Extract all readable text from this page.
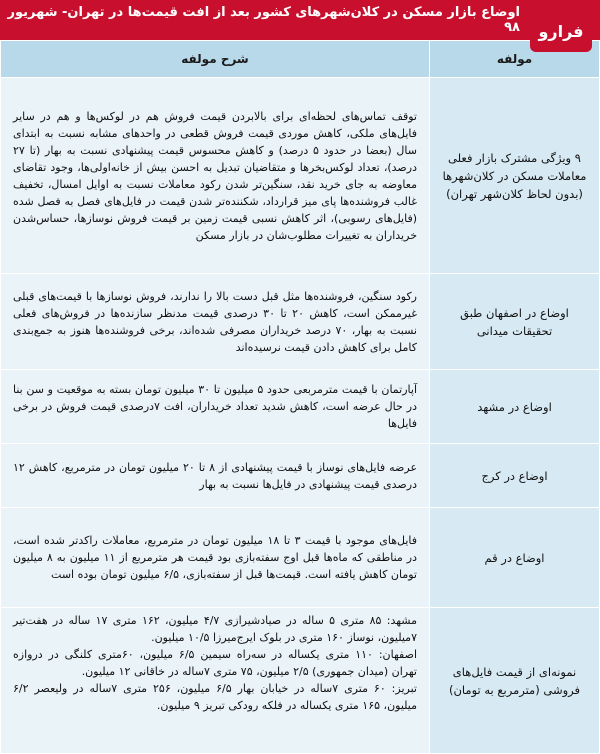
اوضاع بازار مسکن در کلان‌شهرهای کشور بعد از افت قیمت‌ها در تهران- شهریور ۹۸ فرارو
مولفه	شرح مولفه
۹ ویژگی مشترک بازار فعلی معاملات مسکن در کلان‌شهرها (بدون لحاظ کلان‌شهر تهران)	توقف تماس‌های لحظه‌ای برای بالابردن قیمت فروش هم در لوکس‌ها و هم در سایر فایل‌های ملکی، کاهش موردی قیمت فروش قطعی در واحدهای مشابه نسبت به ابتدای سال (بعضا در حدود ۵ درصد) و کاهش محسوس قیمت پیشنهادی نسبت به بهار (تا ۲۷ درصد)، تعداد لوکس‌بخرها و متقاضیان تبدیل به احسن بیش از خانه‌اولی‌ها، وجود تقاضای معاوضه به جای خرید نقد، سنگین‌تر شدن رکود معاملات نسبت به اوایل امسال، تخفیف غالب فروشنده‌ها پای میز قرارداد، شکننده‌تر شدن قیمت در فایل‌های فصل به فصل شده (فایل‌های رسوبی)، اثر کاهش نسبی قیمت زمین بر قیمت فروش نوسازها، حساس‌شدن خریداران به تغییرات مطلوب‌شان در بازار مسکن
اوضاع در اصفهان طبق تحقیقات میدانی	رکود سنگین، فروشنده‌ها مثل قبل دست بالا را ندارند، فروش نوسازها با قیمت‌های قبلی غیرممکن است، کاهش ۲۰ تا ۳۰ درصدی قیمت مدنظر سازنده‌ها در فروش‌های فعلی نسبت به بهار، ۷۰ درصد خریداران مصرفی شده‌اند، برخی فروشنده‌ها هنوز به جمع‌بندی کامل برای کاهش دادن قیمت نرسیده‌اند
اوضاع در مشهد	آپارتمان با قیمت مترمربعی حدود ۵ میلیون تا ۳۰ میلیون تومان بسته به موقعیت و سن بنا در حال عرضه است، کاهش شدید تعداد خریداران، افت ۷درصدی قیمت فروش در برخی فایل‌ها
اوضاع در کرج	عرضه فایل‌های نوساز با قیمت پیشنهادی از ۸ تا ۲۰ میلیون تومان در مترمربع، کاهش ۱۲ درصدی قیمت پیشنهادی در فایل‌ها نسبت به بهار
اوضاع در قم	فایل‌های موجود با قیمت ۳ تا ۱۸ میلیون تومان در مترمربع، معاملات راکدتر شده است، در مناطقی که ماه‌ها قبل اوج سفته‌بازی بود قیمت هر مترمربع از ۱۱ میلیون به ۸ میلیون تومان کاهش یافته است. قیمت‌ها قبل از سفته‌بازی، ۶/۵ میلیون تومان بوده است
نمونه‌ای از قیمت فایل‌های فروشی (مترمربع به تومان)	مشهد: ۸۵ متری ۵ ساله در صیادشیرازی ۴/۷ میلیون، ۱۶۲ متری ۱۷ ساله در هفت‌تیر ۷میلیون، نوساز ۱۶۰ متری در بلوک ایرج‌میرزا ۱۰/۵ میلیون.
اصفهان: ۱۱۰ متری یکساله در سه‌راه سیمین ۶/۵ میلیون، ۶۰متری کلنگی در دروازه تهران (میدان جمهوری) ۲/۵ میلیون، ۷۵ متری ۷ساله در خاقانی ۱۲ میلیون.
تبریز: ۶۰ متری ۷ساله در خیابان بهار ۶/۵ میلیون، ۲۵۶ متری ۷ساله در ولیعصر ۶/۲ میلیون، ۱۶۵ متری یکساله در فلکه رودکی تبریز ۹ میلیون.
